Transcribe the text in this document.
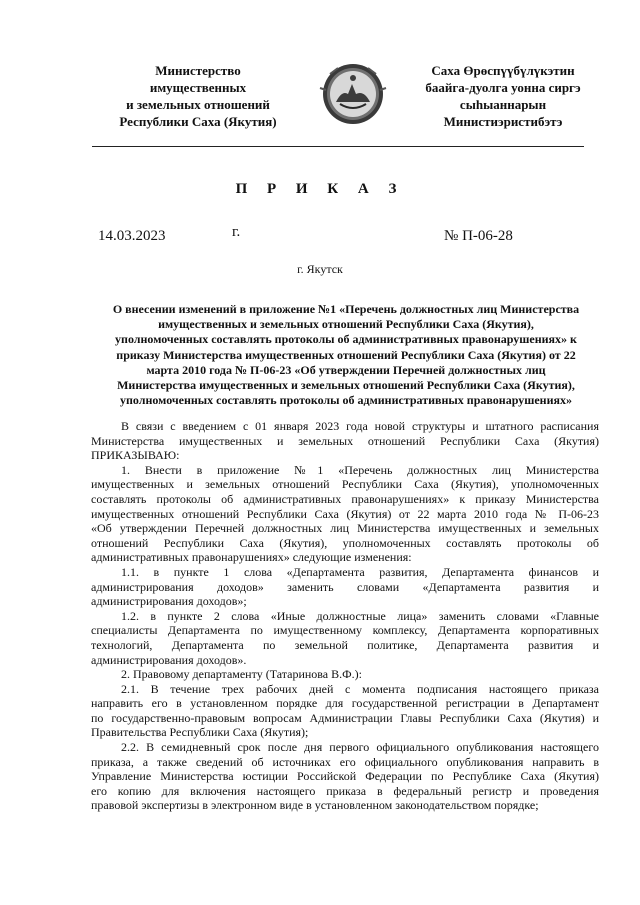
Министерство
имущественных
и земельных отношений
Республики Саха (Якутия)
Саха Өрөспүүбүлүкэтин
баайга-дуолга уонна сиргэ
сыһыаннарын
Министиэристибэтэ
П Р И К А З
14.03.2023	г.	№ П-06-28
г. Якутск
О внесении изменений в приложение №1 «Перечень должностных лиц Министерства
имущественных и земельных отношений Республики Саха (Якутия),
уполномоченных составлять протоколы об административных правонарушениях» к
приказу Министерства имущественных отношений Республики Саха (Якутия) от 22
марта 2010 года № П-06-23 «Об утверждении Перечней должностных лиц
Министерства имущественных и земельных отношений Республики Саха (Якутия),
уполномоченных составлять протоколы об административных правонарушениях»
В связи с введением с 01 января 2023 года новой структуры и штатного расписания
Министерства имущественных и земельных отношений Республики Саха (Якутия)
ПРИКАЗЫВАЮ:
1. Внести в приложение №1 «Перечень должностных лиц Министерства
имущественных и земельных отношений Республики Саха (Якутия), уполномоченных
составлять протоколы об административных правонарушениях» к приказу Министерства
имущественных отношений Республики Саха (Якутия) от 22 марта 2010 года № П-06-23
«Об утверждении Перечней должностных лиц Министерства имущественных и земельных
отношений Республики Саха (Якутия), уполномоченных составлять протоколы об
административных правонарушениях» следующие изменения:
1.1. в пункте 1 слова «Департамента развития, Департамента финансов и
администрирования доходов» заменить словами «Департамента развития и
администрирования доходов»;
1.2. в пункте 2 слова «Иные должностные лица» заменить словами «Главные
специалисты Департамента по имущественному комплексу, Департамента корпоративных
технологий, Департамента по земельной политике, Департамента развития и
администрирования доходов».
2. Правовому департаменту (Татаринова В.Ф.):
2.1. В течение трех рабочих дней с момента подписания настоящего приказа
направить его в установленном порядке для государственной регистрации в Департамент
по государственно-правовым вопросам Администрации Главы Республики Саха (Якутия) и
Правительства Республики Саха (Якутия);
2.2. В семидневный срок после дня первого официального опубликования настоящего
приказа, а также сведений об источниках его официального опубликования направить в
Управление Министерства юстиции Российской Федерации по Республике Саха (Якутия)
его копию для включения настоящего приказа в федеральный регистр и проведения
правовой экспертизы в электронном виде в установленном законодательством порядке;
